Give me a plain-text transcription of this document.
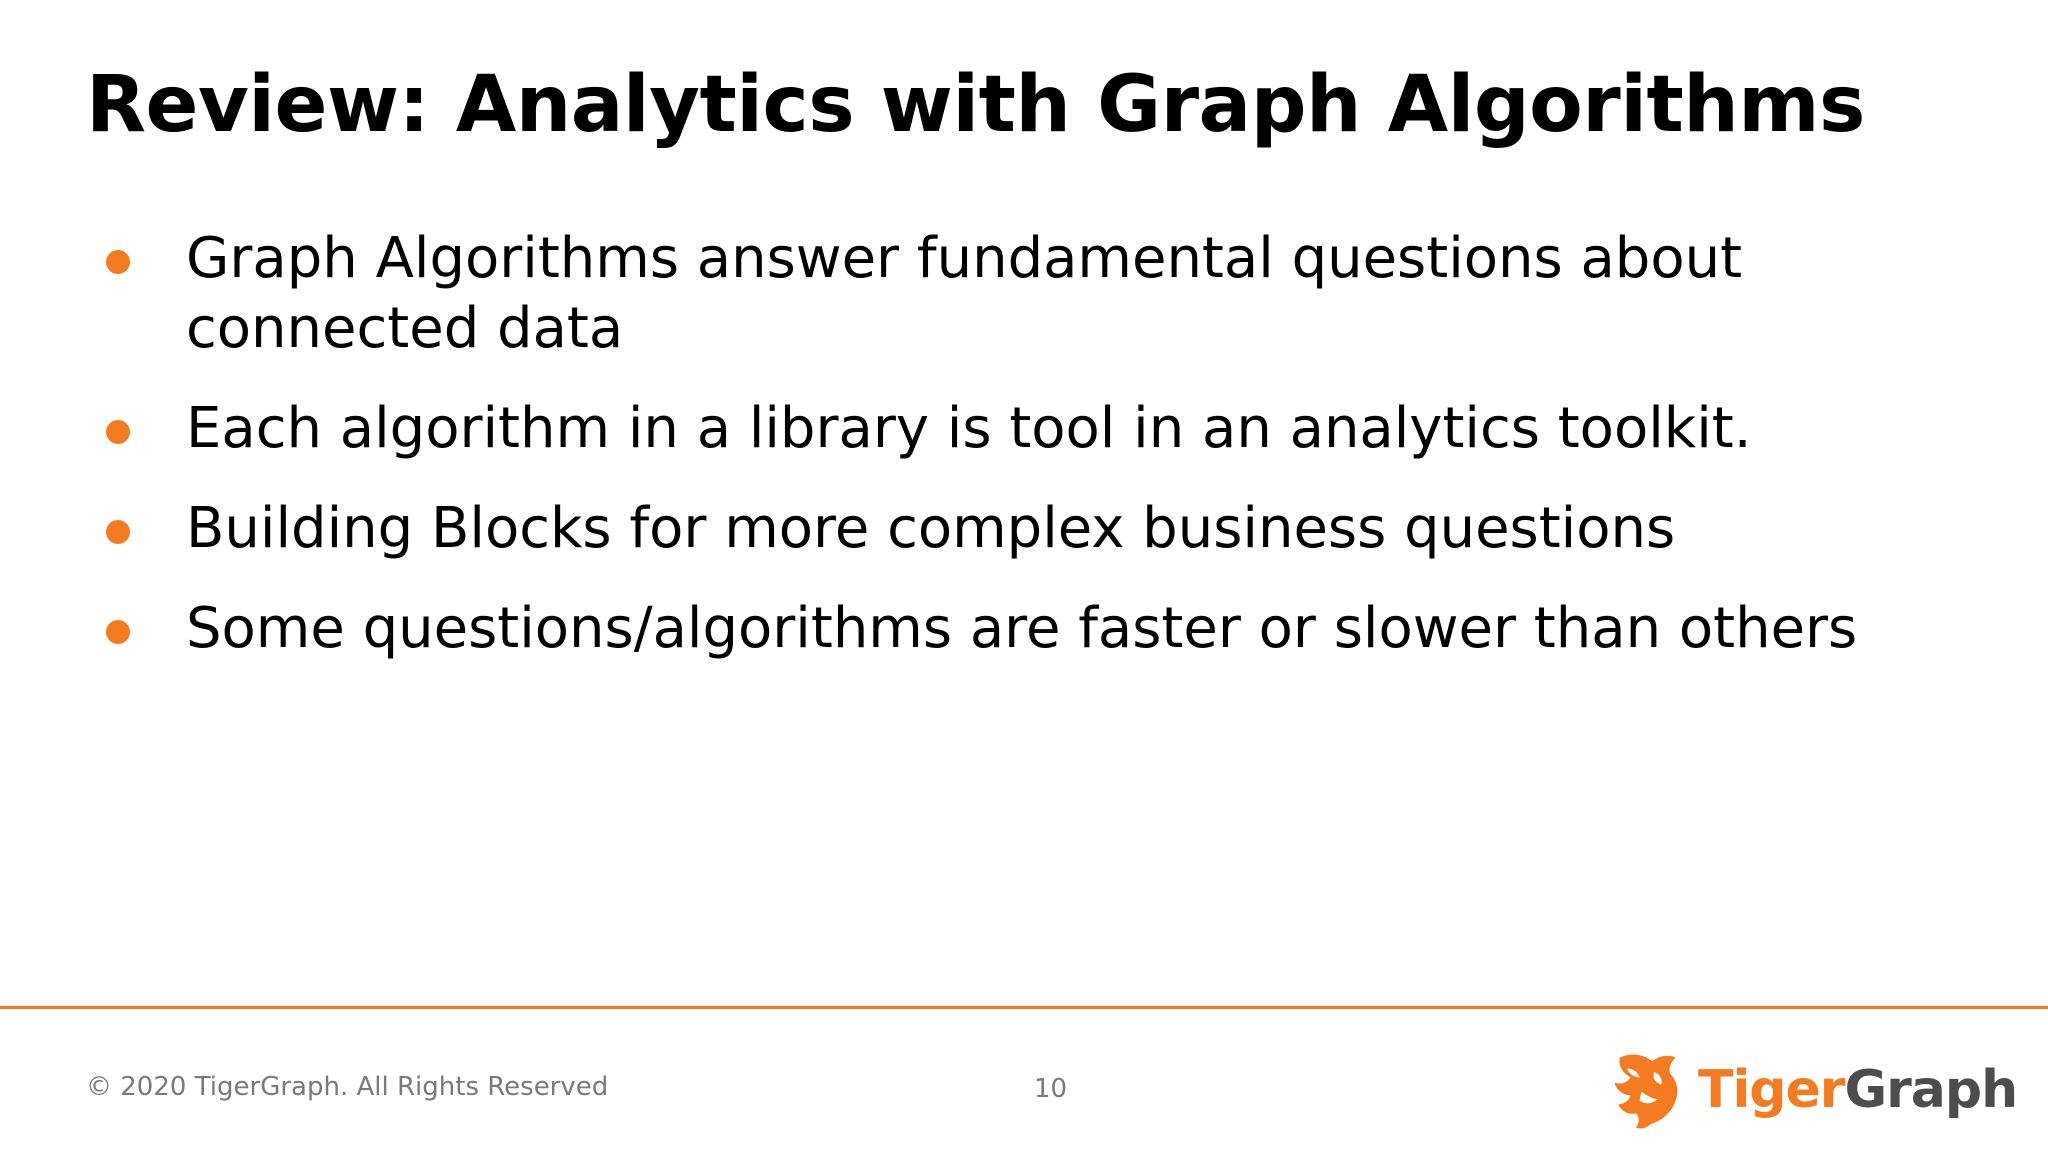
Review: Analytics with Graph Algorithms
Graph Algorithms answer fundamental questions about
connected data
Each algorithm in a library is tool in an analytics toolkit.
Building Blocks for more complex business questions
Some questions/algorithms are faster or slower than others
© 2020 TigerGraph. All Rights Reserved	10	TigerGraph
